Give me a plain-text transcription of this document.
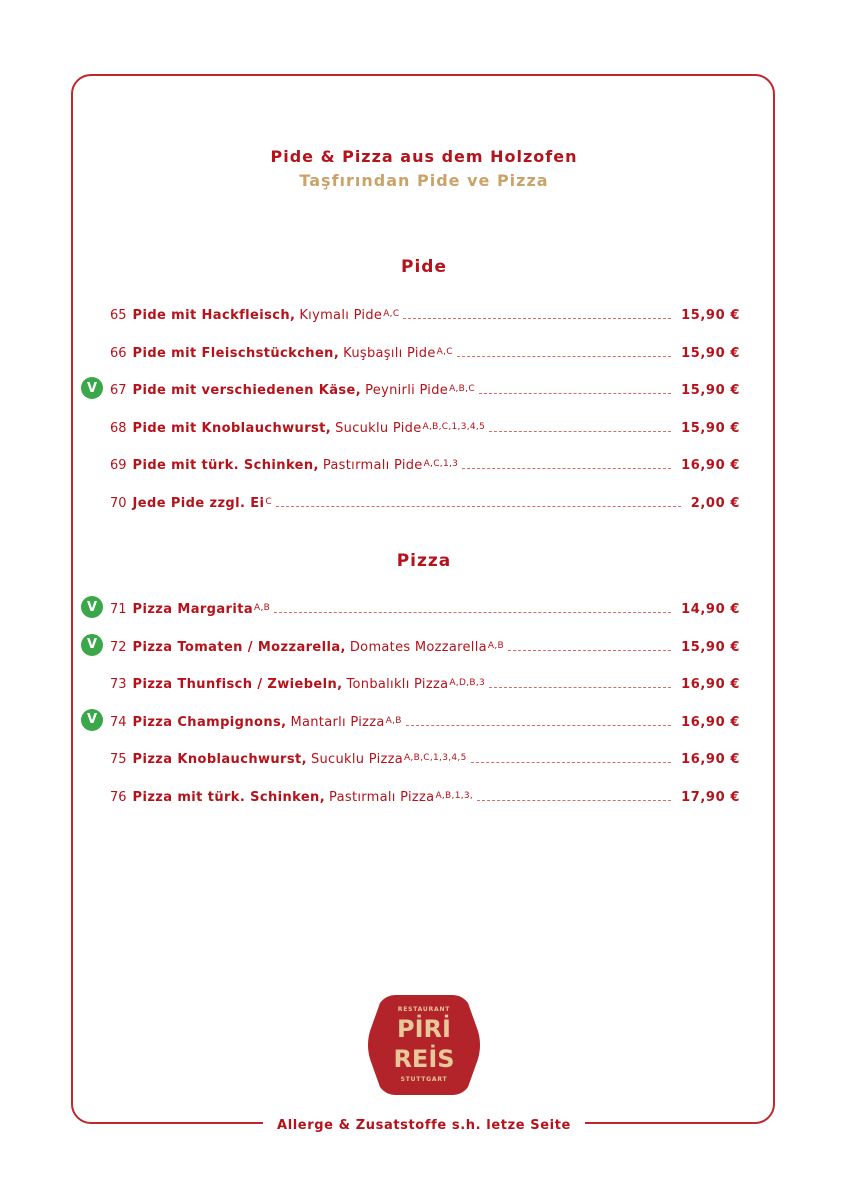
Allerge & Zusatstoffe s.h. letze Seite
Pide & Pizza aus dem Holzofen
Taşfırından Pide ve Pizza
Pide
65 Pide mit Hackfleisch, Kıymalı Pide$^{A,C}$	15,90 €
66 Pide mit Fleischstückchen, Kuşbaşılı Pide$^{A,C}$	15,90 €
V 67 Pide mit verschiedenen Käse, Peynirli Pide$^{A,B,C}$	15,90 €
68 Pide mit Knoblauchwurst, Sucuklu Pide$^{A,B,C,1,3,4,5}$	15,90 €
69 Pide mit türk. Schinken, Pastırmalı Pide$^{A,C,1,3}$	16,90 €
70 Jede Pide zzgl. $Ei^C$	2,00 €
Pizza
V 71 Pizza Margarita$^{A,B}$	14,90 €
V 72 Pizza Tomaten / Mozzarella, Domates Mozzarella$^{A,B}$	15,90 €
73 Pizza Thunfisch / Zwiebeln, Tonbalıklı Pizza$^{A,D,B,3}$	16,90 €
V 74 Pizza Champignons, Mantarlı Pizza$^{A,B}$	16,90 €
75 Pizza Knoblauchwurst, Sucuklu Pizza$^{A,B,C,1,3,4,5}$	16,90 €
76 Pizza mit türk. Schinken, Pastırmalı Pizza$^{A,B,1,3,}$	17,90 €
RESTAURANT
PİRİ
REİS
STUTTGART
